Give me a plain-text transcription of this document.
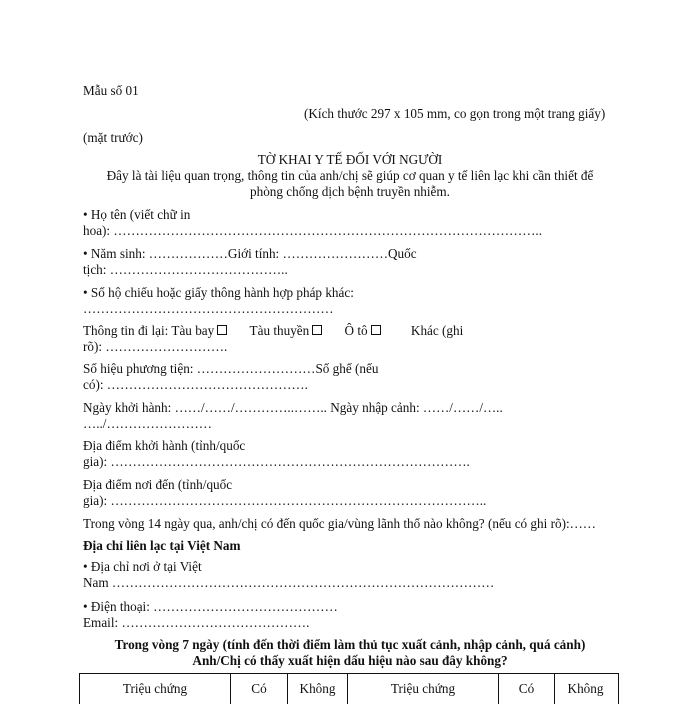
Mẫu số 01
(Kích thước 297 x 105 mm, co gọn trong một trang giấy)
(mặt trước)
TỜ KHAI Y TẾ ĐỐI VỚI NGƯỜI
Đây là tài liệu quan trọng, thông tin của anh/chị sẽ giúp cơ quan y tế liên lạc khi cần thiết để
phòng chống dịch bệnh truyền nhiễm.
• Họ tên (viết chữ in
hoa): ……………………………………………………………………………………..
• Năm sinh: ………………Giới tính: ……………………Quốc
tịch: …………………………………..
• Số hộ chiếu hoặc giấy thông hành hợp pháp khác:
…………………………………………………
Thông tin đi lại: Tàu bay	Tàu thuyền	Ô tô	Khác (ghi
rõ): ……………………….
Số hiệu phương tiện: ………………………Số ghế (nếu
có): ……………………………………….
Ngày khởi hành: ……/……/…………..…….. Ngày nhập cảnh: ……/……/…..
…../……………………
Địa điểm khởi hành (tỉnh/quốc
gia): ……………………………………………………………………….
Địa điểm nơi đến (tỉnh/quốc
gia): …………………………………………………………………………..
Trong vòng 14 ngày qua, anh/chị có đến quốc gia/vùng lãnh thổ nào không? (nếu có ghi rõ):……
Địa chỉ liên lạc tại Việt Nam
• Địa chỉ nơi ở tại Việt
Nam ……………………………………………………………………………
• Điện thoại: ……………………………………
Email: …………………………………….
Trong vòng 7 ngày (tính đến thời điểm làm thủ tục xuất cảnh, nhập cảnh, quá cảnh)
Anh/Chị có thấy xuất hiện dấu hiệu nào sau đây không?
Triệu chứng	Có	Không	Triệu chứng	Có	Không
